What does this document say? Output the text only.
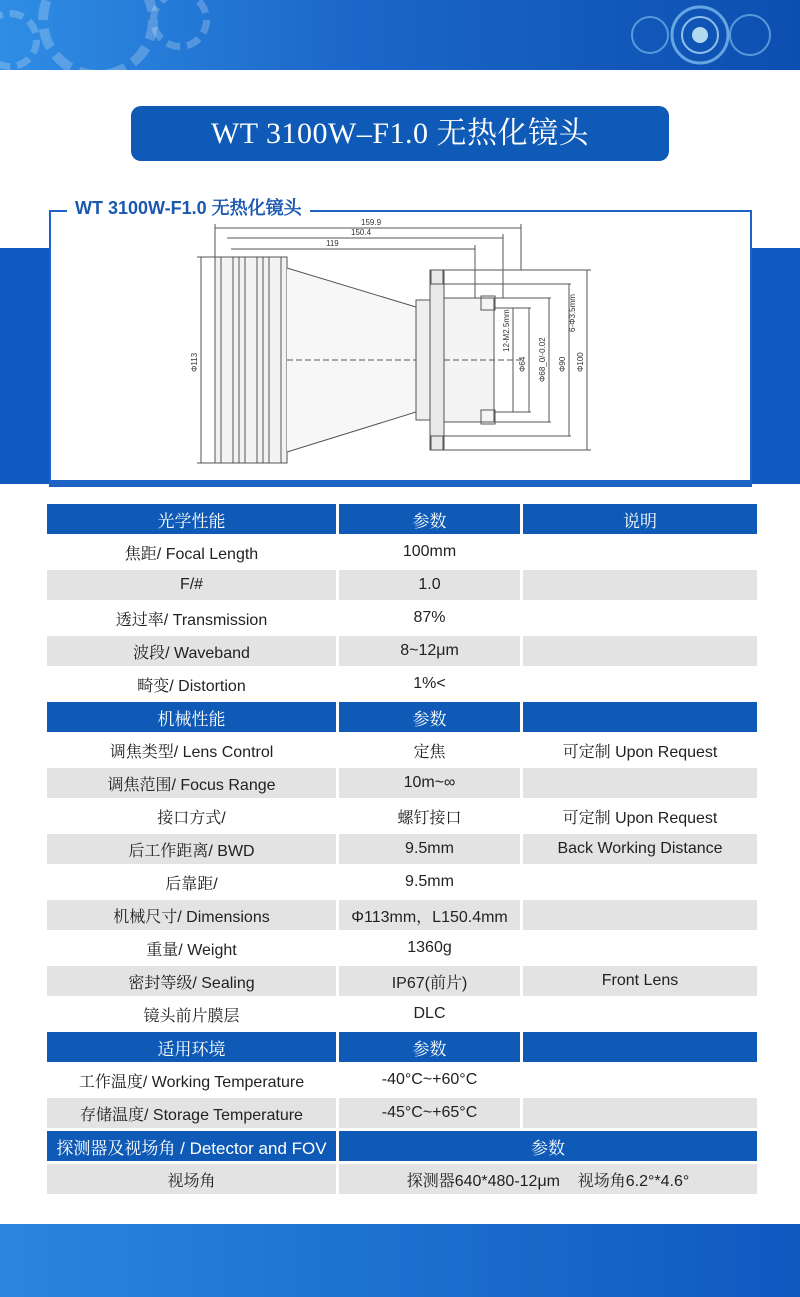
WT 3100W–F1.0 无热化镜头
159.9
150.4
119
Φ113
12-M2.5mm
Φ64 Φ68_0/-0.02 Φ90 Φ100
6-Φ3.5mm
WT 3100W-F1.0 无热化镜头
光学性能	参数	说明
焦距/ Focal Length	100mm	
F/#	1.0	
透过率/ Transmission	87%	
波段/ Waveband	8~12μm	
畸变/ Distortion	1%<	
机械性能	参数	
调焦类型/ Lens Control	定焦	可定制 Upon Request
调焦范围/ Focus Range	10m~∞	
接口方式/	螺钉接口	可定制 Upon Request
后工作距离/ BWD	9.5mm	Back Working Distance
后靠距/	9.5mm	
机械尺寸/ Dimensions	Φ113mm，L150.4mm	
重量/ Weight	1360g	
密封等级/ Sealing	IP67(前片)	Front Lens
镜头前片膜层	DLC	
适用环境	参数	
工作温度/ Working Temperature	-40°C~+60°C	
存储温度/ Storage Temperature	-45°C~+65°C	
探测器及视场角 / Detector and FOV	参数	
视场角	探测器640*480-12μm    视场角6.2°*4.6°	
